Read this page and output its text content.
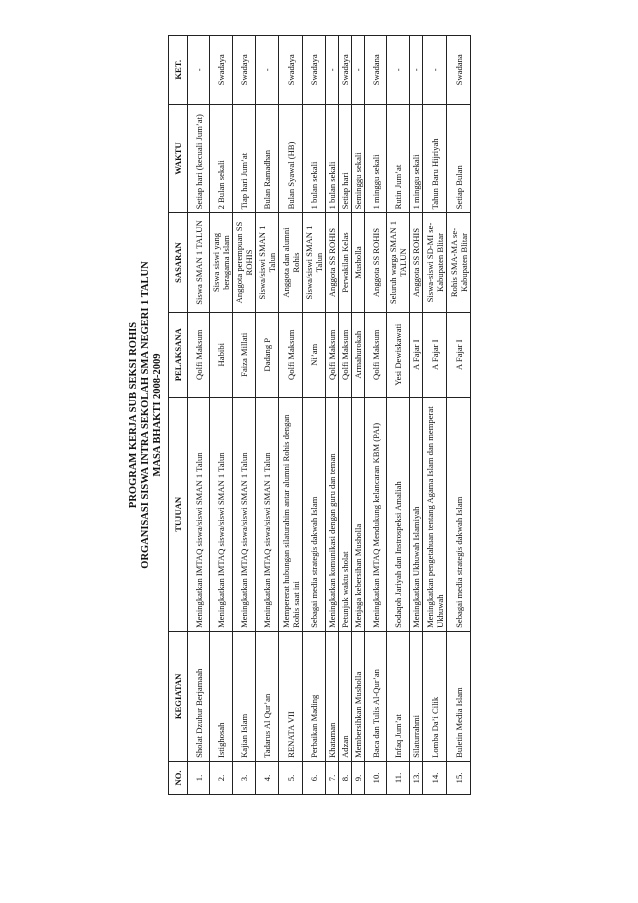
PROGRAM KERJA SUB SEKSI ROHIS ORGANISASI SISWA INTRA SEKOLAH SMA NEGERI 1 TALUN MASA BHAKTI 2008-2009
NO.	KEGIATAN	TUJUAN	PELAKSANA	SASARAN	WAKTU	KET.
1.	Sholat Dzuhur Berjamaah	Meningkatkan IMTAQ siswa/siswi SMAN 1 Talun	Qolfi Maksum	Siswa SMAN 1 TALUN	Setiap hari (kecuali Jum’at)	-
2.	Istighosah	Meningkatkan IMTAQ siswa/siswi SMAN 1 Talun	Habibi	Siswa siswi yang beragama Islam	2 Bulan sekali	Swadaya
3.	Kajian Islam	Meningkatkan IMTAQ siswa/siswi SMAN 1 Talun	Faiza Millati	Anggota perempuan SS ROHIS	Tiap hari Jum’at	Swadaya
4.	Tadarus Al Qur’an	Meningkatkan IMTAQ siswa/siswi SMAN 1 Talun	Dadang P	Siswa/siswi SMAN 1 Talun	Bulan Ramadhan	-
5.	RENATA VII	Mempererat hubungan silaturahim antar alumni Rohis dengan Rohis saat ini	Qolfi Maksum	Anggota dan alumni Rohis	Bulan Syawal (HB)	Swadaya
6.	Perbaikan Mading	Sebagai media strategis dakwah Islam	Ni’am	Siswa/siswi SMAN 1 Talun	1 bulan sekali	Swadaya
7.	Khataman	Meningkatkan komunikasi dengan guru dan teman	Qolfi Maksum	Anggota SS ROHIS	1 bulan sekali	-
8.	Adzan	Petunjuk waktu sholat	Qolfi Maksum	Perwakilan Kelas	Setiap hari	Swadaya
9.	Membersihkan Musholla	Menjaga kebersihan Musholla	Armahurokah	Musholla	Seminggu sekali	-
10.	Baca dan Tulis Al-Qur’an	Meningkatkan IMTAQ Mendukung kelancaran KBM (PAI)	Qolfi Maksum	Anggota SS ROHIS	1 minggu sekali	Swadana
11.	Infaq Jum’at	Sodaqoh Jariyah dan Instrospeksi Amaliah	Yesi Dewiskawati	Seluruh warga SMAN 1 TALUN	Rutin Jum’at	-
13.	Silaturrahmi	Meningkatkan Ukhuwah Islamiyah	A Fajar I	Anggota SS ROHIS	1 minggu sekali	-
14.	Lomba Da’i Cilik	Meningkatkan pengetahuan tentang Agama Islam dan memperat Ukhuwah	A Fajar I	Siswa-siswi SD-MI se-Kabupaten Blitar	Tahun Baru Hijriyah	-
15.	Buletin Media Islam	Sebagai media strategis dakwah Islam	A Fajar I	Rohis SMA-MA se-Kabupaten Blitar	Setiap Bulan	Swadana
